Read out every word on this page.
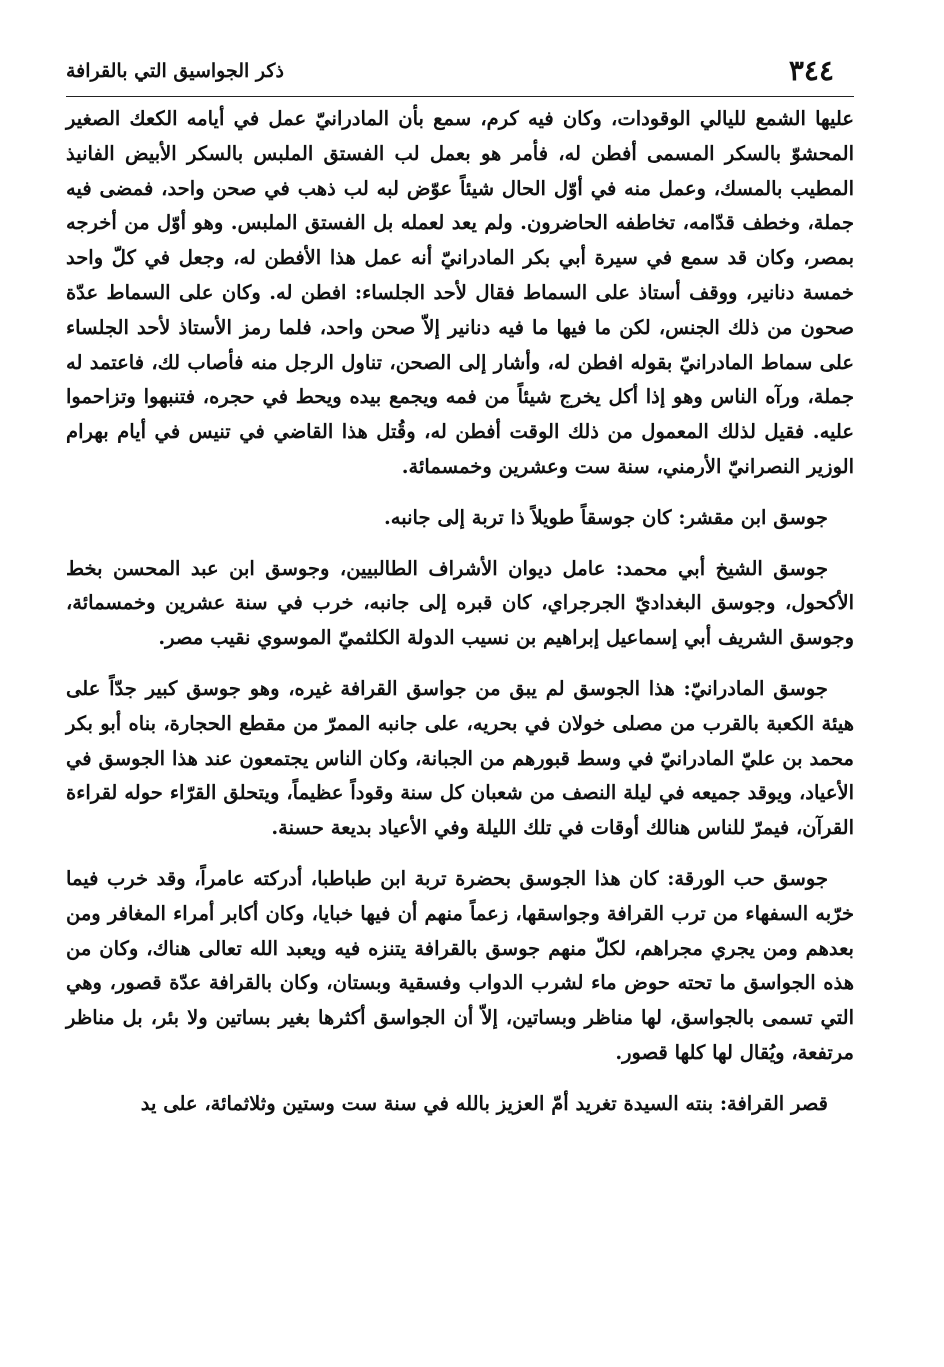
٣٤٤
ذكر الجواسيق التي بالقرافة

عليها الشمع لليالي الوقودات، وكان فيه كرم، سمع بأن المادرانيّ عمل في أيامه الكعك الصغير المحشوّ بالسكر المسمى أفطن له، فأمر هو بعمل لب الفستق الملبس بالسكر الأبيض الفانيذ المطيب بالمسك، وعمل منه في أوّل الحال شيئاً عوّض لبه لب ذهب في صحن واحد، فمضى فيه جملة، وخطف قدّامه، تخاطفه الحاضرون. ولم يعد لعمله بل الفستق الملبس. وهو أوّل من أخرجه بمصر، وكان قد سمع في سيرة أبي بكر المادرانيّ أنه عمل هذا الأفطن له، وجعل في كلّ واحد خمسة دنانير، ووقف أستاذ على السماط فقال لأحد الجلساء: افطن له. وكان على السماط عدّة صحون من ذلك الجنس، لكن ما فيها ما فيه دنانير إلاّ صحن واحد، فلما رمز الأستاذ لأحد الجلساء على سماط المادرانيّ بقوله افطن له، وأشار إلى الصحن، تناول الرجل منه فأصاب لك، فاعتمد له جملة، ورآه الناس وهو إذا أكل يخرج شيئاً من فمه ويجمع بيده ويحط في حجره، فتنبهوا وتزاحموا عليه. فقيل لذلك المعمول من ذلك الوقت أفطن له، وقُتل هذا القاضي في تنيس في أيام بهرام الوزير النصرانيّ الأرمني، سنة ست وعشرين وخمسمائة.

جوسق ابن مقشر: كان جوسقاً طويلاً ذا تربة إلى جانبه.

جوسق الشيخ أبي محمد: عامل ديوان الأشراف الطالبيين، وجوسق ابن عبد المحسن بخط الأكحول، وجوسق البغداديّ الجرجراي، كان قبره إلى جانبه، خرب في سنة عشرين وخمسمائة، وجوسق الشريف أبي إسماعيل إبراهيم بن نسيب الدولة الكلثميّ الموسوي نقيب مصر.

جوسق المادرانيّ: هذا الجوسق لم يبق من جواسق القرافة غيره، وهو جوسق كبير جدّاً على هيئة الكعبة بالقرب من مصلى خولان في بحريه، على جانبه الممرّ من مقطع الحجارة، بناه أبو بكر محمد بن عليّ المادرانيّ في وسط قبورهم من الجبانة، وكان الناس يجتمعون عند هذا الجوسق في الأعياد، ويوقد جميعه في ليلة النصف من شعبان كل سنة وقوداً عظيماً، ويتحلق القرّاء حوله لقراءة القرآن، فيمرّ للناس هنالك أوقات في تلك الليلة وفي الأعياد بديعة حسنة.

جوسق حب الورقة: كان هذا الجوسق بحضرة تربة ابن طباطبا، أدركته عامراً، وقد خرب فيما خرّبه السفهاء من ترب القرافة وجواسقها، زعماً منهم أن فيها خبايا، وكان أكابر أمراء المغافر ومن بعدهم ومن يجري مجراهم، لكلّ منهم جوسق بالقرافة يتنزه فيه ويعبد الله تعالى هناك، وكان من هذه الجواسق ما تحته حوض ماء لشرب الدواب وفسقية وبستان، وكان بالقرافة عدّة قصور، وهي التي تسمى بالجواسق، لها مناظر وبساتين، إلاّ أن الجواسق أكثرها بغير بساتين ولا بئر، بل مناظر مرتفعة، ويُقال لها كلها قصور.

قصر القرافة: بنته السيدة تغريد أمّ العزيز بالله في سنة ست وستين وثلاثمائة، على يد
